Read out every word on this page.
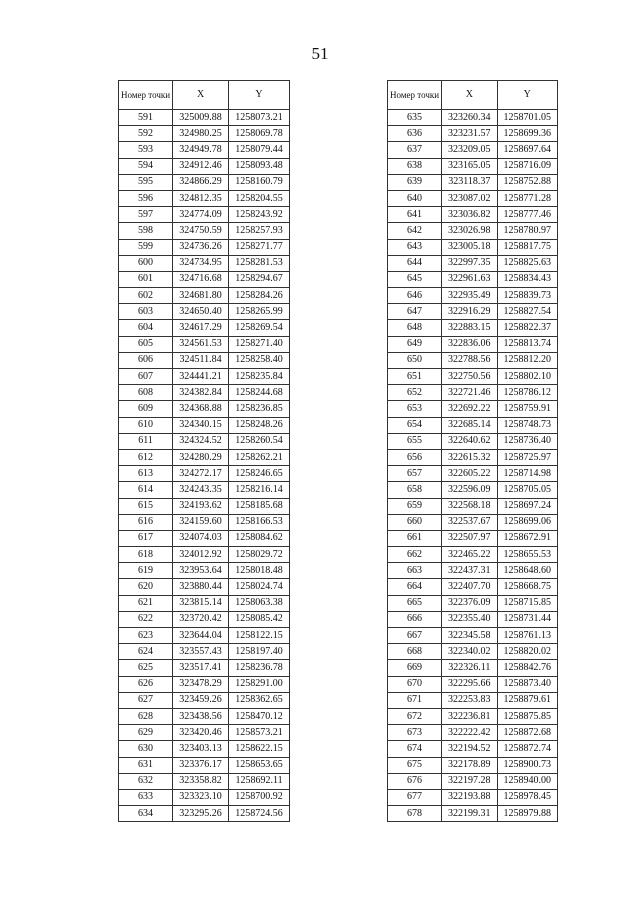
51
Номер точки	X	Y
591	325009.88	1258073.21
592	324980.25	1258069.78
593	324949.78	1258079.44
594	324912.46	1258093.48
595	324866.29	1258160.79
596	324812.35	1258204.55
597	324774.09	1258243.92
598	324750.59	1258257.93
599	324736.26	1258271.77
600	324734.95	1258281.53
601	324716.68	1258294.67
602	324681.80	1258284.26
603	324650.40	1258265.99
604	324617.29	1258269.54
605	324561.53	1258271.40
606	324511.84	1258258.40
607	324441.21	1258235.84
608	324382.84	1258244.68
609	324368.88	1258236.85
610	324340.15	1258248.26
611	324324.52	1258260.54
612	324280.29	1258262.21
613	324272.17	1258246.65
614	324243.35	1258216.14
615	324193.62	1258185.68
616	324159.60	1258166.53
617	324074.03	1258084.62
618	324012.92	1258029.72
619	323953.64	1258018.48
620	323880.44	1258024.74
621	323815.14	1258063.38
622	323720.42	1258085.42
623	323644.04	1258122.15
624	323557.43	1258197.40
625	323517.41	1258236.78
626	323478.29	1258291.00
627	323459.26	1258362.65
628	323438.56	1258470.12
629	323420.46	1258573.21
630	323403.13	1258622.15
631	323376.17	1258653.65
632	323358.82	1258692.11
633	323323.10	1258700.92
634	323295.26	1258724.56
Номер точки	X	Y
635	323260.34	1258701.05
636	323231.57	1258699.36
637	323209.05	1258697.64
638	323165.05	1258716.09
639	323118.37	1258752.88
640	323087.02	1258771.28
641	323036.82	1258777.46
642	323026.98	1258780.97
643	323005.18	1258817.75
644	322997.35	1258825.63
645	322961.63	1258834.43
646	322935.49	1258839.73
647	322916.29	1258827.54
648	322883.15	1258822.37
649	322836.06	1258813.74
650	322788.56	1258812.20
651	322750.56	1258802.10
652	322721.46	1258786.12
653	322692.22	1258759.91
654	322685.14	1258748.73
655	322640.62	1258736.40
656	322615.32	1258725.97
657	322605.22	1258714.98
658	322596.09	1258705.05
659	322568.18	1258697.24
660	322537.67	1258699.06
661	322507.97	1258672.91
662	322465.22	1258655.53
663	322437.31	1258648.60
664	322407.70	1258668.75
665	322376.09	1258715.85
666	322355.40	1258731.44
667	322345.58	1258761.13
668	322340.02	1258820.02
669	322326.11	1258842.76
670	322295.66	1258873.40
671	322253.83	1258879.61
672	322236.81	1258875.85
673	322222.42	1258872.68
674	322194.52	1258872.74
675	322178.89	1258900.73
676	322197.28	1258940.00
677	322193.88	1258978.45
678	322199.31	1258979.88
